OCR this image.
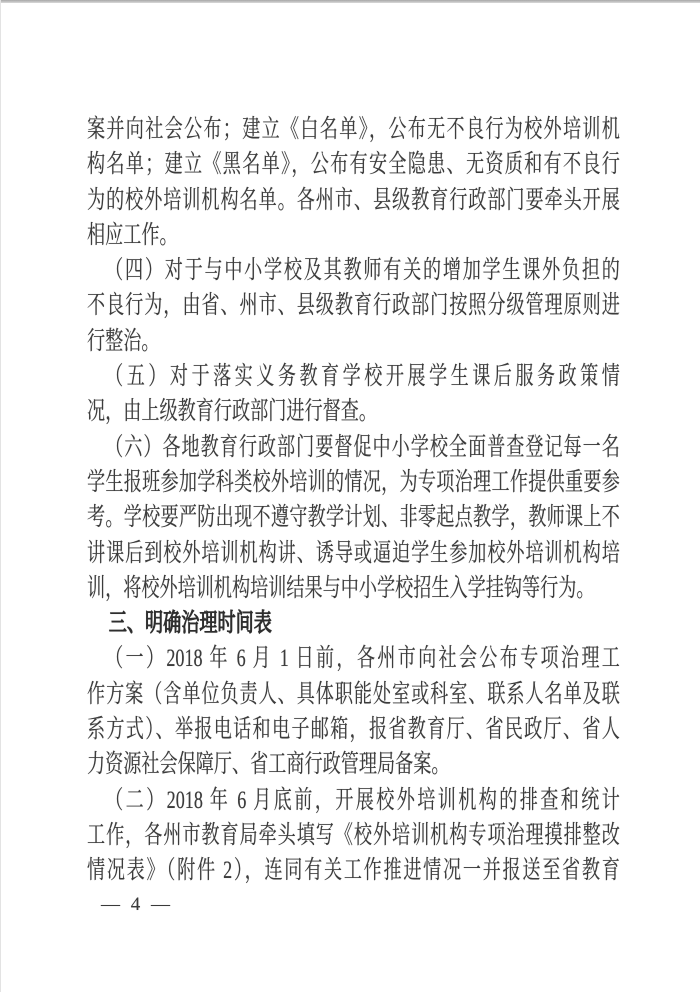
案并向社会公布；建立《白名单》，公布无不良行为校外培训机
构名单；建立《黑名单》，公布有安全隐患、无资质和有不良行
为的校外培训机构名单。各州市、县级教育行政部门要牵头开展
相应工作。
（四）对于与中小学校及其教师有关的增加学生课外负担的
不良行为，由省、州市、县级教育行政部门按照分级管理原则进
行整治。
（五）对于落实义务教育学校开展学生课后服务政策情
况，由上级教育行政部门进行督查。
（六）各地教育行政部门要督促中小学校全面普查登记每一名
学生报班参加学科类校外培训的情况，为专项治理工作提供重要参
考。学校要严防出现不遵守教学计划、非零起点教学，教师课上不
讲课后到校外培训机构讲、诱导或逼迫学生参加校外培训机构培
训，将校外培训机构培训结果与中小学校招生入学挂钩等行为。
三、明确治理时间表
（一）2018 年 6 月 1 日前，各州市向社会公布专项治理工
作方案（含单位负责人、具体职能处室或科室、联系人名单及联
系方式）、举报电话和电子邮箱，报省教育厅、省民政厅、省人
力资源社会保障厅、省工商行政管理局备案。
（二）2018 年 6 月底前，开展校外培训机构的排查和统计
工作，各州市教育局牵头填写《校外培训机构专项治理摸排整改
情况表》（附件 2），连同有关工作推进情况一并报送至省教育
— 4 —
